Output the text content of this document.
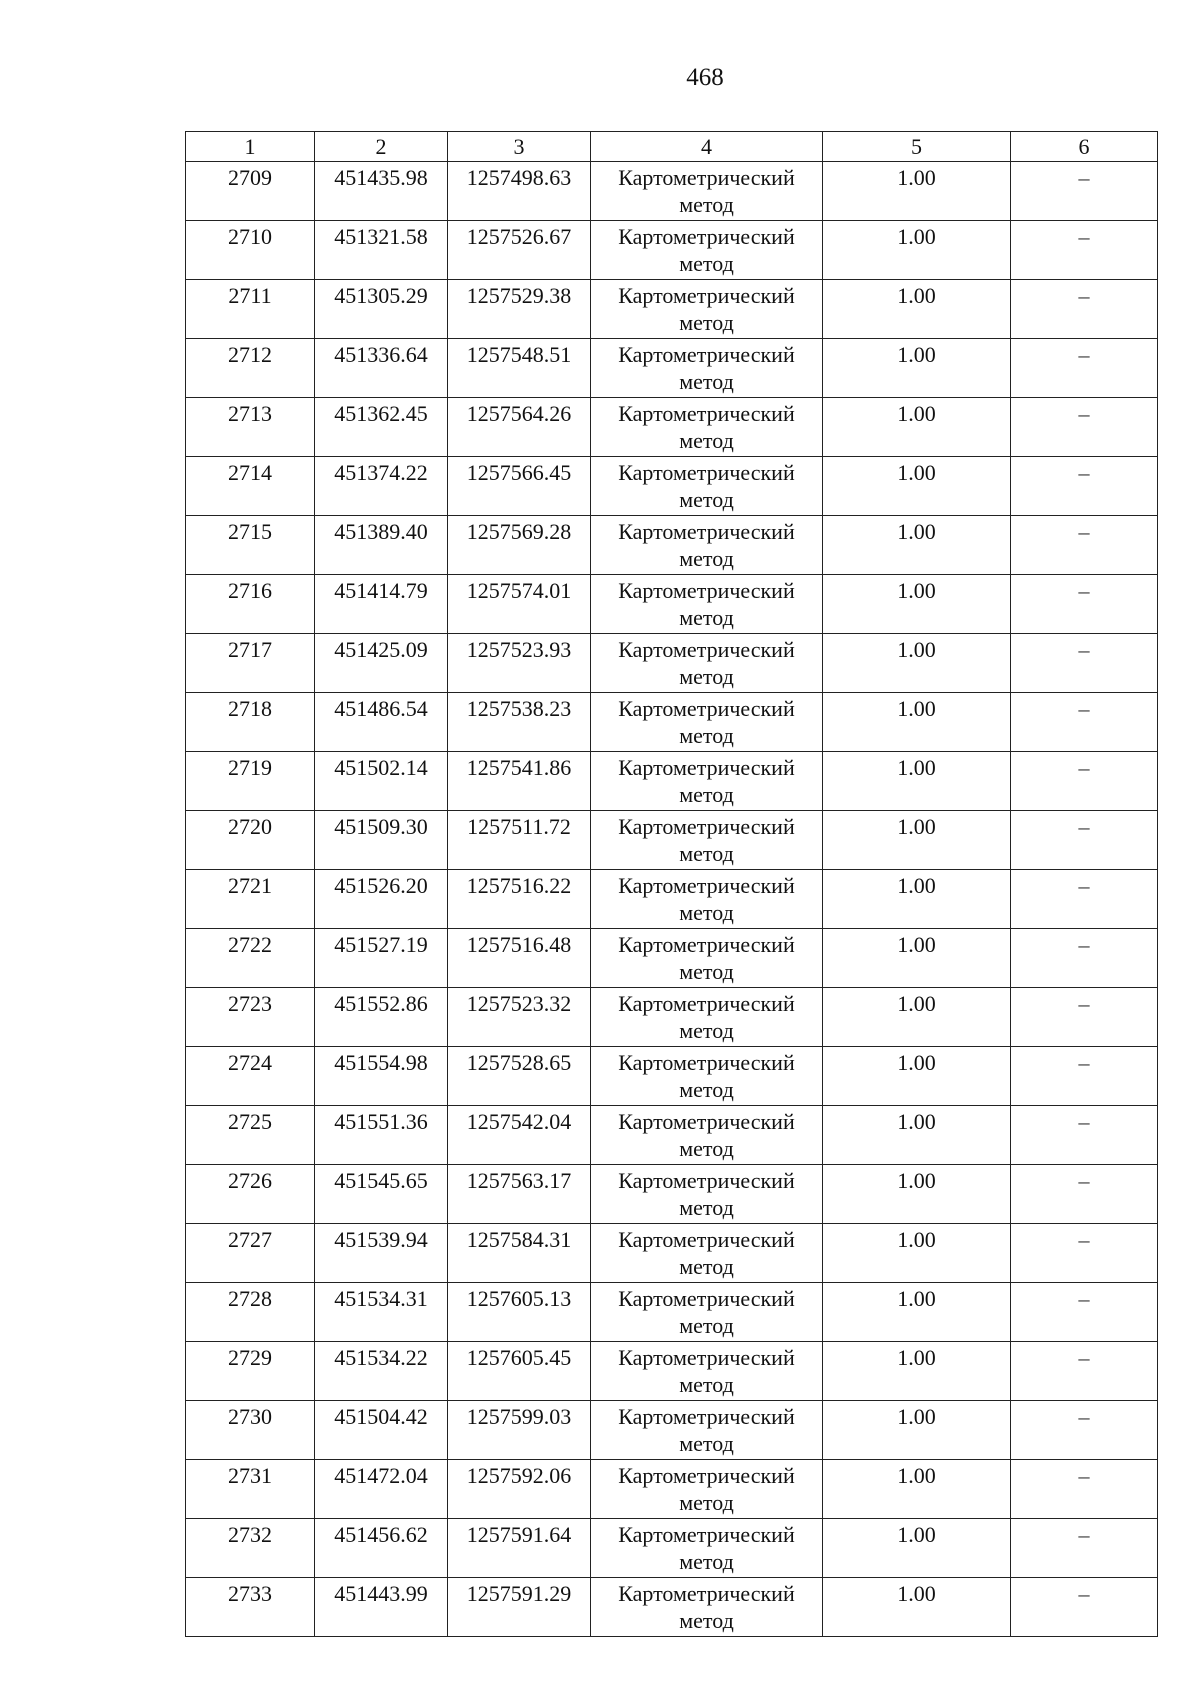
468
1	2	3	4	5	6
2709	451435.98	1257498.63	Картометрический метод	1.00	–
2710	451321.58	1257526.67	Картометрический метод	1.00	–
2711	451305.29	1257529.38	Картометрический метод	1.00	–
2712	451336.64	1257548.51	Картометрический метод	1.00	–
2713	451362.45	1257564.26	Картометрический метод	1.00	–
2714	451374.22	1257566.45	Картометрический метод	1.00	–
2715	451389.40	1257569.28	Картометрический метод	1.00	–
2716	451414.79	1257574.01	Картометрический метод	1.00	–
2717	451425.09	1257523.93	Картометрический метод	1.00	–
2718	451486.54	1257538.23	Картометрический метод	1.00	–
2719	451502.14	1257541.86	Картометрический метод	1.00	–
2720	451509.30	1257511.72	Картометрический метод	1.00	–
2721	451526.20	1257516.22	Картометрический метод	1.00	–
2722	451527.19	1257516.48	Картометрический метод	1.00	–
2723	451552.86	1257523.32	Картометрический метод	1.00	–
2724	451554.98	1257528.65	Картометрический метод	1.00	–
2725	451551.36	1257542.04	Картометрический метод	1.00	–
2726	451545.65	1257563.17	Картометрический метод	1.00	–
2727	451539.94	1257584.31	Картометрический метод	1.00	–
2728	451534.31	1257605.13	Картометрический метод	1.00	–
2729	451534.22	1257605.45	Картометрический метод	1.00	–
2730	451504.42	1257599.03	Картометрический метод	1.00	–
2731	451472.04	1257592.06	Картометрический метод	1.00	–
2732	451456.62	1257591.64	Картометрический метод	1.00	–
2733	451443.99	1257591.29	Картометрический метод	1.00	–
